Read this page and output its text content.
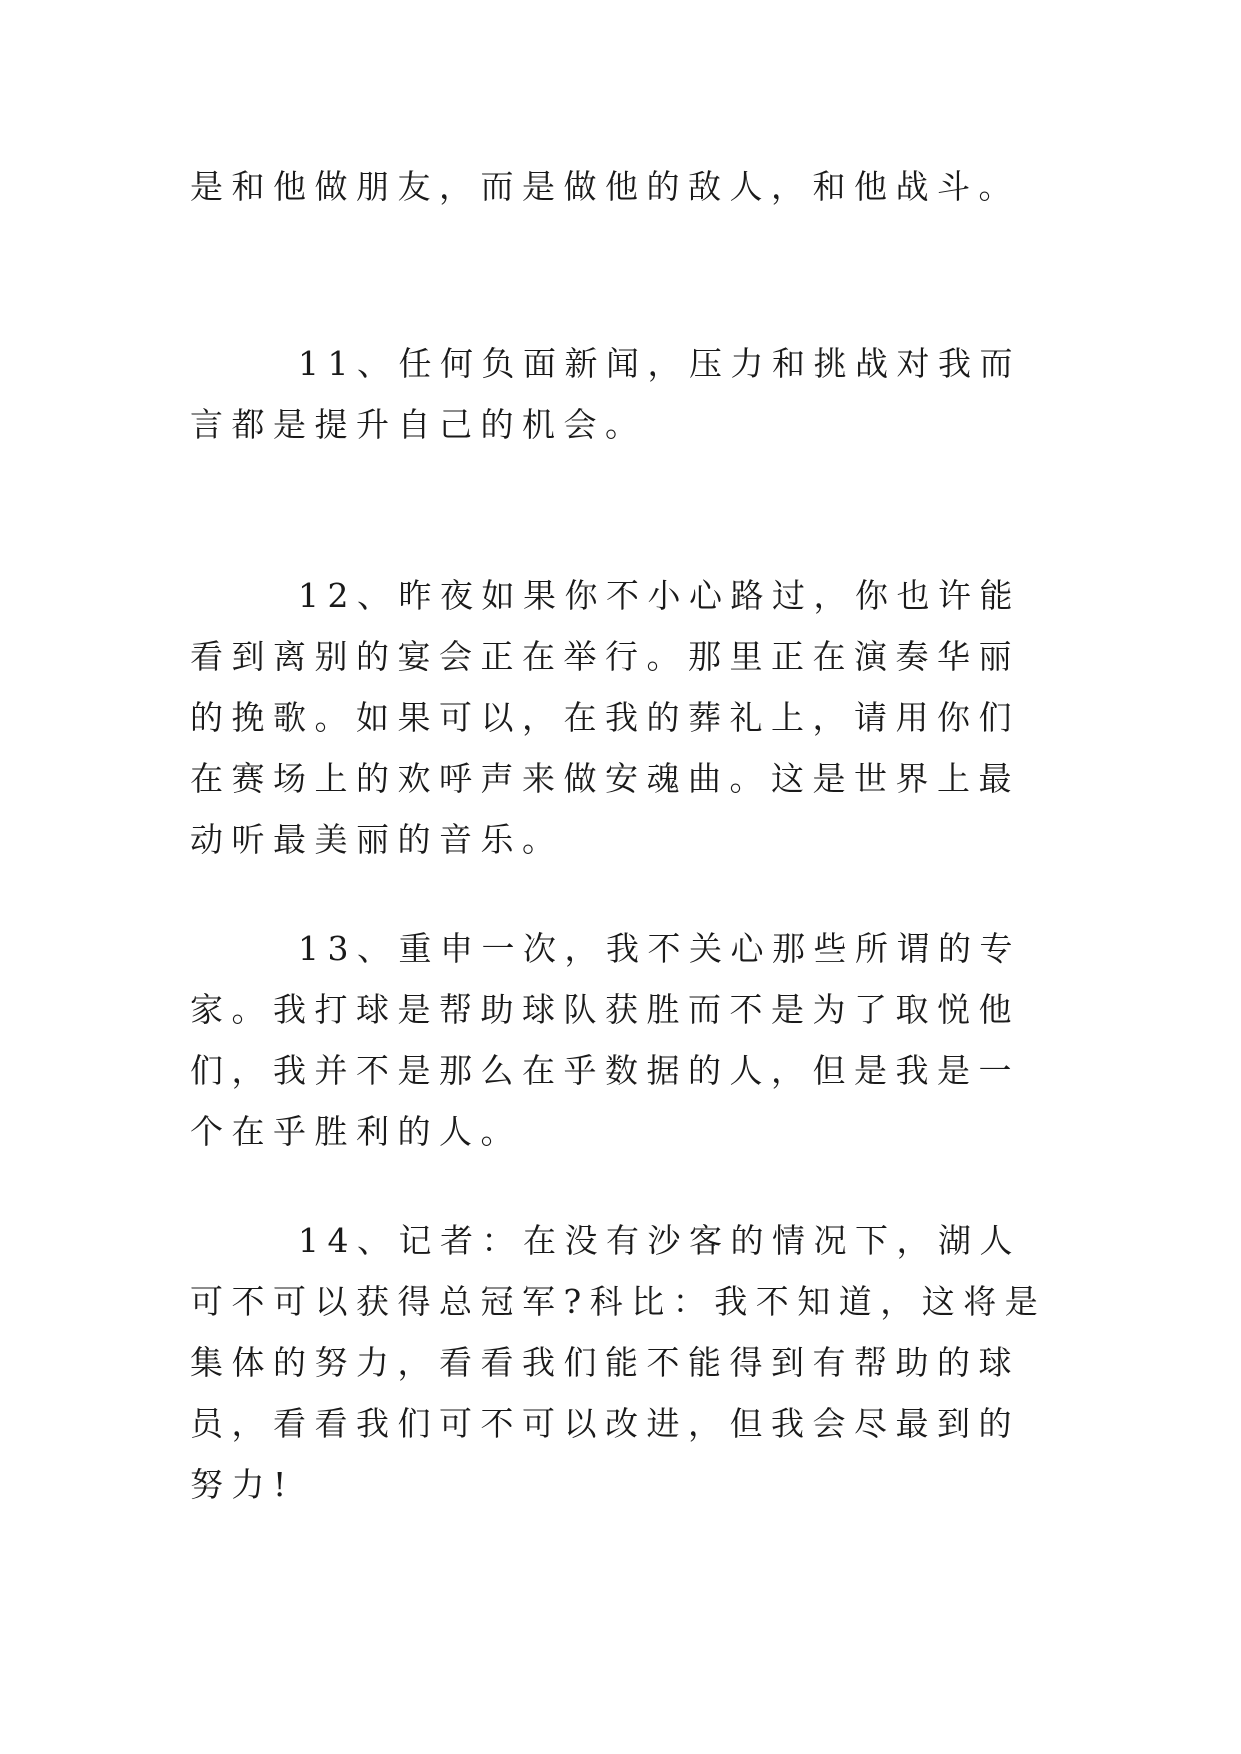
是和他做朋友，而是做他的敌人，和他战斗。

11、任何负面新闻，压力和挑战对我而言都是提升自己的机会。

12、昨夜如果你不小心路过，你也许能看到离别的宴会正在举行。那里正在演奏华丽的挽歌。如果可以，在我的葬礼上，请用你们在赛场上的欢呼声来做安魂曲。这是世界上最动听最美丽的音乐。

13、重申一次，我不关心那些所谓的专家。我打球是帮助球队获胜而不是为了取悦他们，我并不是那么在乎数据的人，但是我是一个在乎胜利的人。

14、记者：在没有沙客的情况下，湖人可不可以获得总冠军?科比：我不知道，这将是集体的努力，看看我们能不能得到有帮助的球员，看看我们可不可以改进，但我会尽最到的努力!
